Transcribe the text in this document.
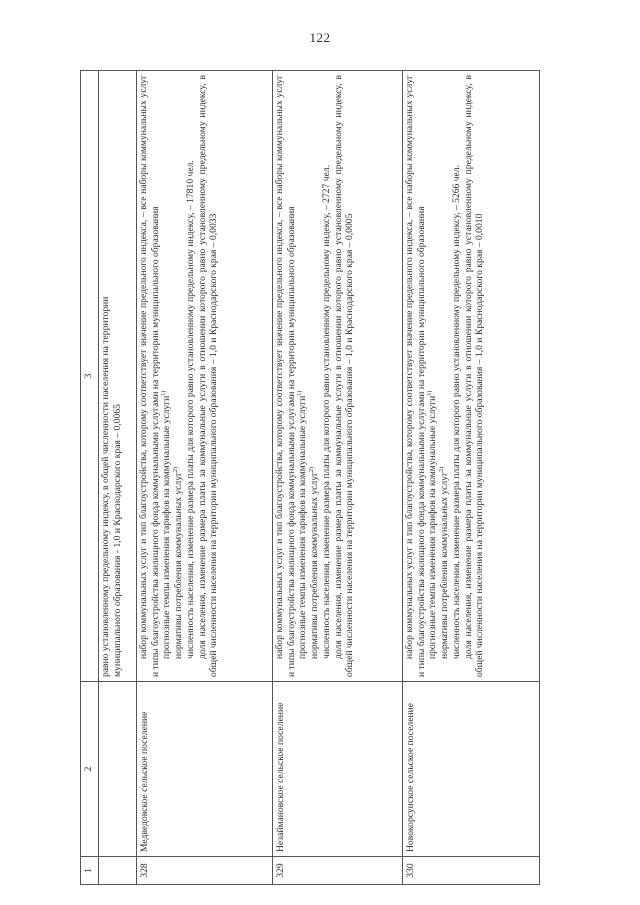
122
1
2
3 равно установленному предельному индексу, в общей численности населения на территории муниципального образования - 1,0 и Краснодарского края – 0,0065

328
Медведовское сельское поселение

набор коммунальных услуг и тип благоустройства, которому соответствует значение предельного индекса, – все наборы коммунальных услуг и типы благоустройства жилищного фонда коммунальными услугами на территории муниципального образования прогнозные темпы изменения тарифов на коммунальные услуги$^{1)}$

нормативы потребления коммунальных услуг$^{2)}$ численность населения, изменение размера платы для которого равно установленному предельному индексу, – 17810 чел. доля населения, изменение размера платы за коммунальные услуги в отношении которого равно установленному предельному индексу, в общей численности населения на территории муниципального образования – 1,0 и Краснодарского края – 0,0033

329
Незаймановское сельское поселение

набор коммунальных услуг и тип благоустройства, которому соответствует значение предельного индекса, – все наборы коммунальных услуг и типы благоустройства жилищного фонда коммунальными услугами на территории муниципального образования прогнозные темпы изменения тарифов на коммунальные услуги$^{1)}$

нормативы потребления коммунальных услуг$^{2)}$ численность населения, изменение размера платы для которого равно установленному предельному индексу, – 2727 чел. доля населения, изменение размера платы за коммунальные услуги в отношении которого равно установленному предельному индексу, в общей численности населения на территории муниципального образования – 1,0 и Краснодарского края – 0,0005

330
Новокорсунское сельское поселение

набор коммунальных услуг и тип благоустройства, которому соответствует значение предельного индекса, – все наборы коммунальных услуг и типы благоустройства жилищного фонда коммунальными услугами на территории муниципального образования прогнозные темпы изменения тарифов на коммунальные услуги$^{1)}$

нормативы потребления коммунальных услуг$^{2)}$ численность населения, изменение размера платы для которого равно установленному предельному индексу, – 5266 чел. доля населения, изменение размера платы за коммунальные услуги в отношении которого равно установленному предельному индексу, в общей численности населения на территории муниципального образования – 1,0 и Краснодарского края – 0,0010
